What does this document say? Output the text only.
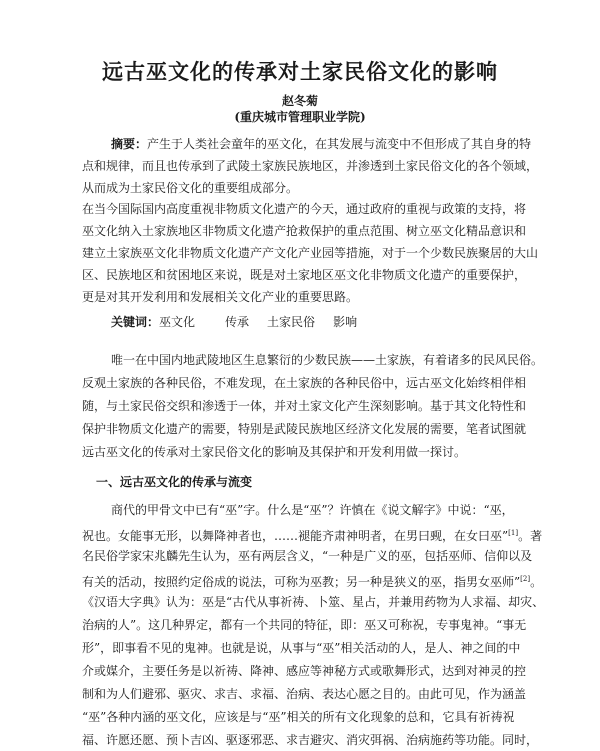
远古巫文化的传承对土家民俗文化的影响
赵冬菊
(重庆城市管理职业学院)
摘要：产生于人类社会童年的巫文化，在其发展与流变中不但形成了其自身的特
点和规律，而且也传承到了武陵土家族民族地区，并渗透到土家民俗文化的各个领域，
从而成为土家民俗文化的重要组成部分。
在当今国际国内高度重视非物质文化遗产的今天，通过政府的重视与政策的支持，将
巫文化纳入土家族地区非物质文化遗产抢救保护的重点范围、树立巫文化精品意识和
建立土家族巫文化非物质文化遗产产文化产业园等措施，对于一个少数民族聚居的大山
区、民族地区和贫困地区来说，既是对土家地区巫文化非物质文化遗产的重要保护，
更是对其开发利用和发展相关文化产业的重要思路。
关键词：巫文化	传承 土家民俗 影响
唯一在中国内地武陵地区生息繁衍的少数民族——土家族，有着诸多的民风民俗。
反观土家族的各种民俗，不难发现，在土家族的各种民俗中，远古巫文化始终相伴相
随，与土家民俗交织和渗透于一体，并对土家文化产生深刻影响。基于其文化特性和
保护非物质文化遗产的需要，特别是武陵民族地区经济文化发展的需要，笔者试图就
远古巫文化的传承对土家民俗文化的影响及其保护和开发利用做一探讨。
一、远古巫文化的传承与流变
商代的甲骨文中已有“巫”字。什么是“巫”？许慎在《说文解字》中说：“巫，
祝也。女能事无形，以舞降神者也，……褪能齐肃神明者，在男曰觋，在女曰巫”[1]。著
名民俗学家宋兆麟先生认为，巫有两层含义，“一种是广义的巫，包括巫师、信仰以及
有关的活动，按照约定俗成的说法，可称为巫教；另一种是狭义的巫，指男女巫师”[2]。
《汉语大字典》认为：巫是“古代从事祈祷、卜筮、星占，并兼用药物为人求福、却灾、
治病的人”。这几种界定，都有一个共同的特征，即：巫又可称祝，专事鬼神。“事无
形”，即事看不见的鬼神。也就是说，从事与“巫”相关活动的人，是人、神之间的中
介或媒介，主要任务是以祈祷、降神、感应等神秘方式或歌舞形式，达到对神灵的控
制和为人们避邪、驱灾、求吉、求福、治病、表达心愿之目的。由此可见，作为涵盖
“巫”各种内涵的巫文化，应该是与“巫”相关的所有文化现象的总和，它具有祈祷祝
福、许愿还愿、预卜吉凶、驱逐邪恶、求吉避灾、消灾弭祸、治病施药等功能。同时，
